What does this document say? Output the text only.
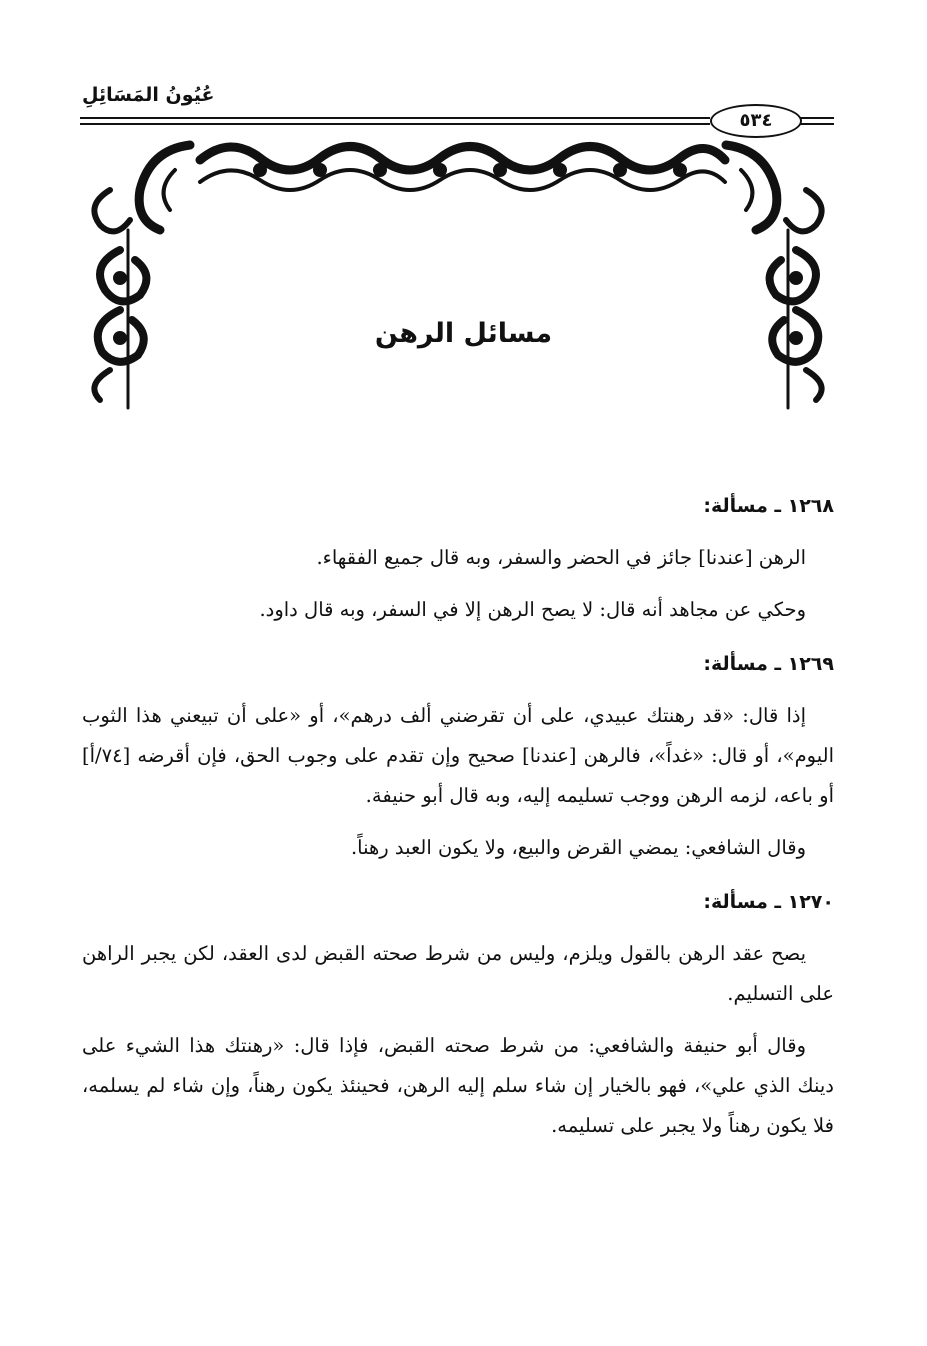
عُيُونُ المَسَائِلِ
٥٣٤
مسائل الرهن
١٢٦٨ ـ مسألة:

الرهن [عندنا] جائز في الحضر والسفر، وبه قال جميع الفقهاء.

وحكي عن مجاهد أنه قال: لا يصح الرهن إلا في السفر، وبه قال داود.

١٢٦٩ ـ مسألة:

إذا قال: «قد رهنتك عبيدي، على أن تقرضني ألف درهم»، أو «على أن تبيعني هذا الثوب اليوم»، أو قال: «غداً»، فالرهن [عندنا] صحيح وإن تقدم على وجوب الحق، فإن أقرضه [٧٤/أ] أو باعه، لزمه الرهن ووجب تسليمه إليه، وبه قال أبو حنيفة.

وقال الشافعي: يمضي القرض والبيع، ولا يكون العبد رهناً.

١٢٧٠ ـ مسألة:

يصح عقد الرهن بالقول ويلزم، وليس من شرط صحته القبض لدى العقد، لكن يجبر الراهن على التسليم.

وقال أبو حنيفة والشافعي: من شرط صحته القبض، فإذا قال: «رهنتك هذا الشيء على دينك الذي علي»، فهو بالخيار إن شاء سلم إليه الرهن، فحينئذ يكون رهناً، وإن شاء لم يسلمه، فلا يكون رهناً ولا يجبر على تسليمه.
